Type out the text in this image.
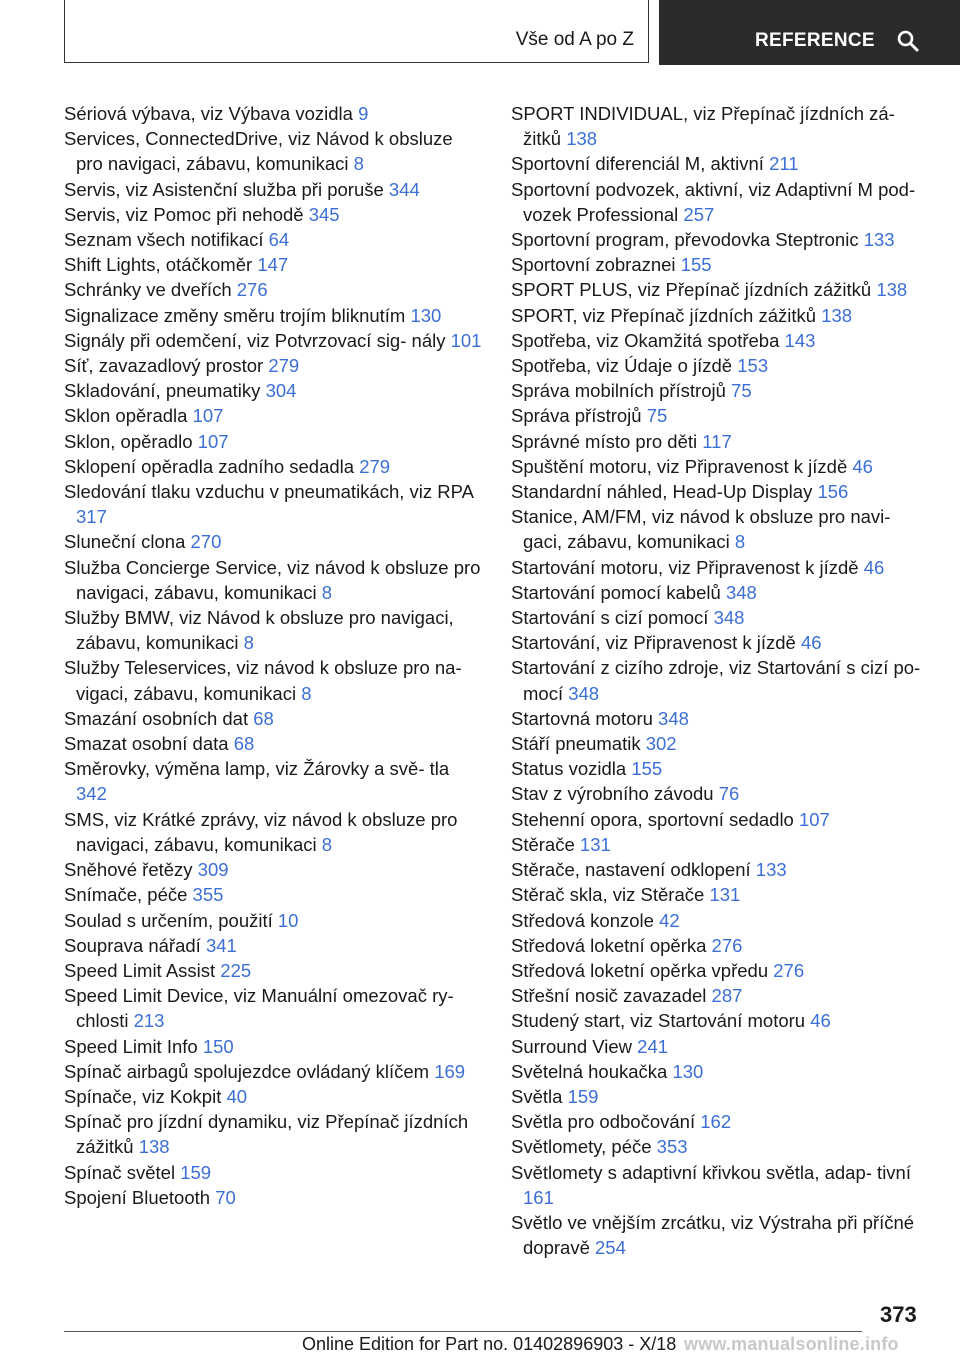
Vše od A po Z	REFERENCE
Sériová výbava, viz Výbava vozidla 9
Services, ConnectedDrive, viz Návod k obsluze pro navigaci, zábavu, komunikaci 8
Servis, viz Asistenční služba při poruše 344
Servis, viz Pomoc při nehodě 345
Seznam všech notifikací 64
Shift Lights, otáčkoměr 147
Schránky ve dveřích 276
Signalizace změny směru trojím bliknutím 130
Signály při odemčení, viz Potvrzovací sig- nály 101
Síť, zavazadlový prostor 279
Skladování, pneumatiky 304
Sklon opěradla 107
Sklon, opěradlo 107
Sklopení opěradla zadního sedadla 279
Sledování tlaku vzduchu v pneumatikách, viz RPA 317
Sluneční clona 270
Služba Concierge Service, viz návod k obsluze pro navigaci, zábavu, komunikaci 8
Služby BMW, viz Návod k obsluze pro navigaci, zábavu, komunikaci 8
Služby Teleservices, viz návod k obsluze pro na- vigaci, zábavu, komunikaci 8
Smazání osobních dat 68
Smazat osobní data 68
Směrovky, výměna lamp, viz Žárovky a svě- tla 342
SMS, viz Krátké zprávy, viz návod k obsluze pro navigaci, zábavu, komunikaci 8
Sněhové řetězy 309
Snímače, péče 355
Soulad s určením, použití 10
Souprava nářadí 341
Speed Limit Assist 225
Speed Limit Device, viz Manuální omezovač ry- chlosti 213
Speed Limit Info 150
Spínač airbagů spolujezdce ovládaný klíčem 169
Spínače, viz Kokpit 40
Spínač pro jízdní dynamiku, viz Přepínač jízdních zážitků 138
Spínač světel 159
Spojení Bluetooth 70
SPORT INDIVIDUAL, viz Přepínač jízdních zá- žitků 138
Sportovní diferenciál M, aktivní 211
Sportovní podvozek, aktivní, viz Adaptivní M pod- vozek Professional 257
Sportovní program, převodovka Steptronic 133
Sportovní zobraznei 155
SPORT PLUS, viz Přepínač jízdních zážitků 138
SPORT, viz Přepínač jízdních zážitků 138
Spotřeba, viz Okamžitá spotřeba 143
Spotřeba, viz Údaje o jízdě 153
Správa mobilních přístrojů 75
Správa přístrojů 75
Správné místo pro děti 117
Spuštění motoru, viz Připravenost k jízdě 46
Standardní náhled, Head-Up Display 156
Stanice, AM/FM, viz návod k obsluze pro navi- gaci, zábavu, komunikaci 8
Startování motoru, viz Připravenost k jízdě 46
Startování pomocí kabelů 348
Startování s cizí pomocí 348
Startování, viz Připravenost k jízdě 46
Startování z cizího zdroje, viz Startování s cizí po- mocí 348
Startovná motoru 348
Stáří pneumatik 302
Status vozidla 155
Stav z výrobního závodu 76
Stehenní opora, sportovní sedadlo 107
Stěrače 131
Stěrače, nastavení odklopení 133
Stěrač skla, viz Stěrače 131
Středová konzole 42
Středová loketní opěrka 276
Středová loketní opěrka vpředu 276
Střešní nosič zavazadel 287
Studený start, viz Startování motoru 46
Surround View 241
Světelná houkačka 130
Světla 159
Světla pro odbočování 162
Světlomety, péče 353
Světlomety s adaptivní křivkou světla, adap- tivní 161
Světlo ve vnějším zrcátku, viz Výstraha při příčné dopravě 254
373
Online Edition for Part no. 01402896903 - X/18 www.manualsonline.info
